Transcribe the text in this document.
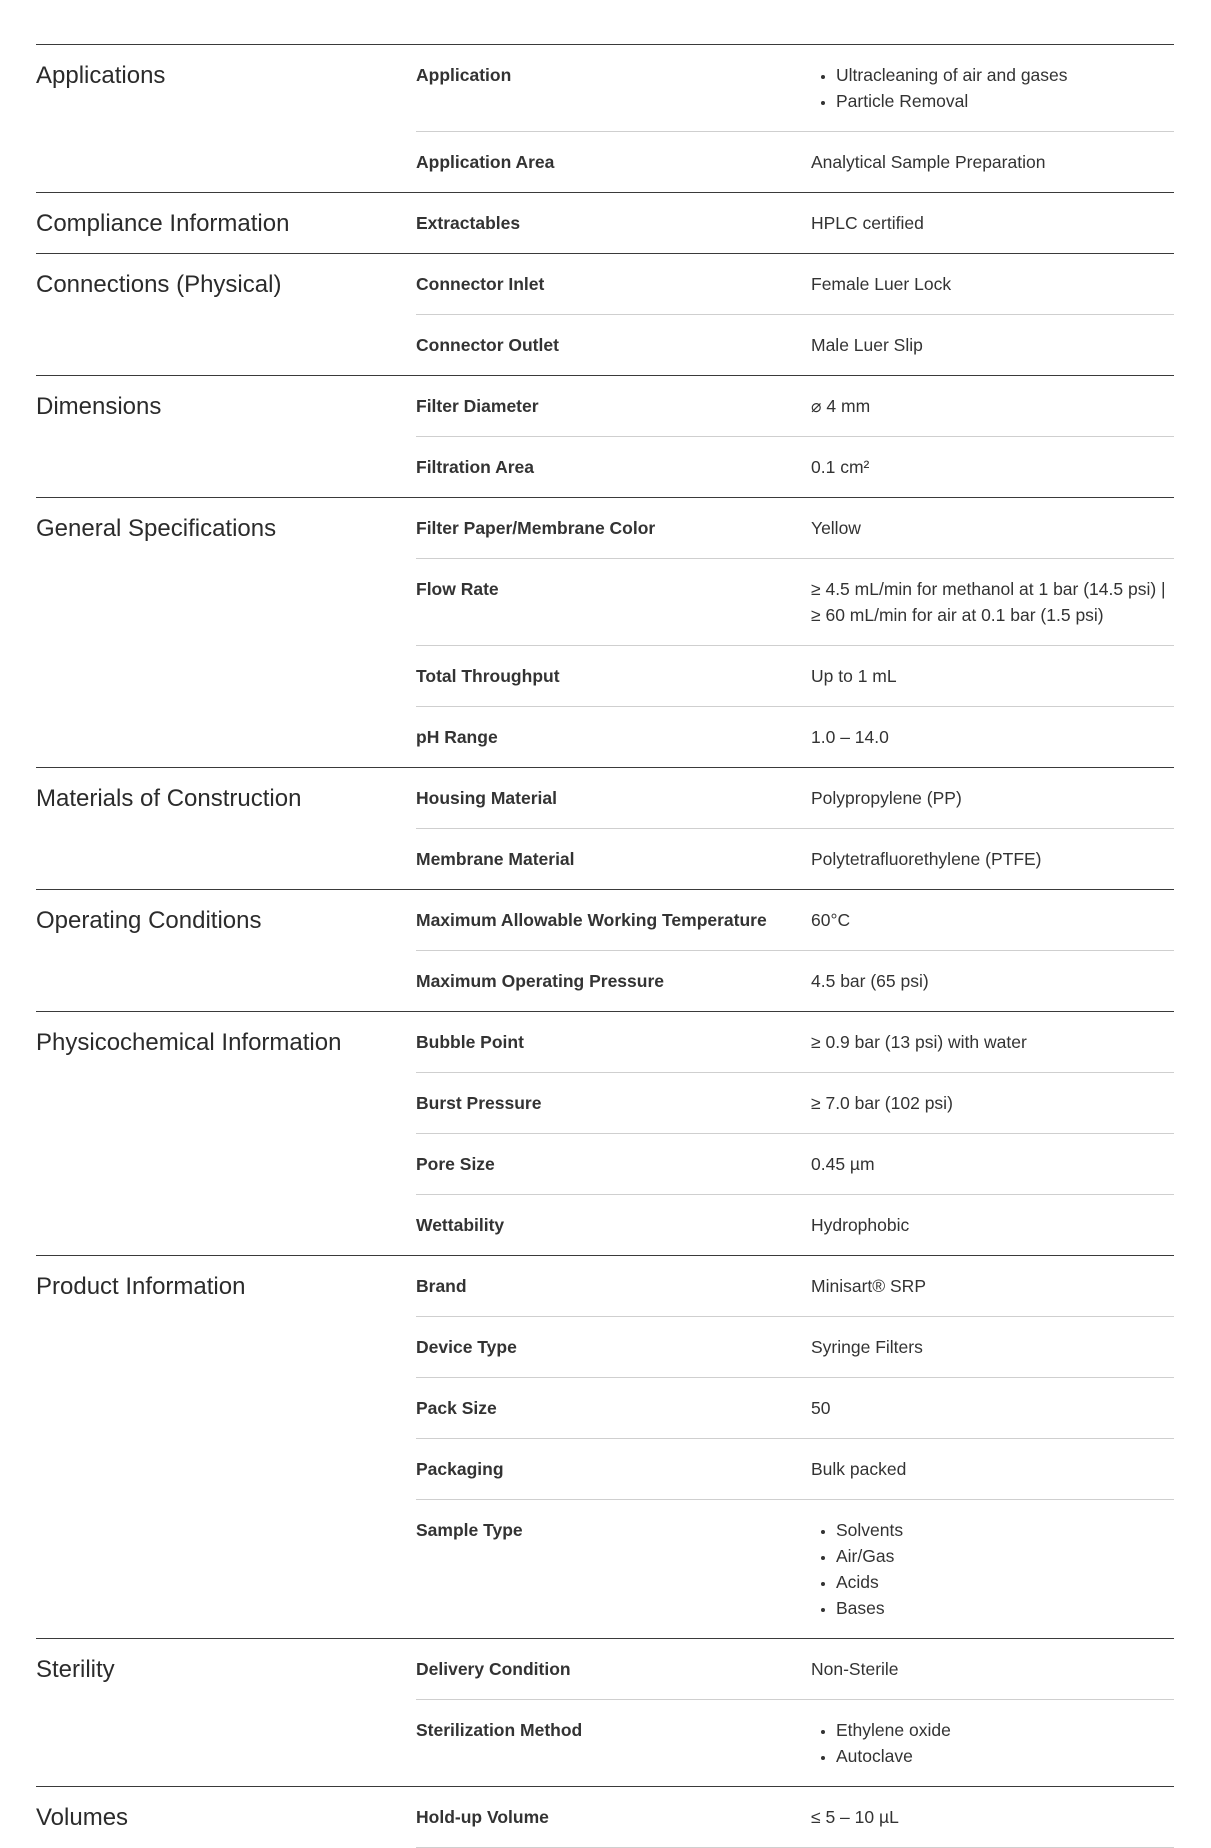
Applications	Application	• Ultracleaning of air and gases
• Particle Removal
Application Area	Analytical Sample Preparation
Compliance Information	Extractables	HPLC certified
Connections (Physical)	Connector Inlet	Female Luer Lock
Connector Outlet	Male Luer Slip
Dimensions	Filter Diameter	⌀ 4 mm
Filtration Area	0.1 cm²
General Specifications	Filter Paper/Membrane Color	Yellow
Flow Rate	≥ 4.5 mL/min for methanol at 1 bar (14.5 psi) |
≥ 60 mL/min for air at 0.1 bar (1.5 psi)
Total Throughput	Up to 1 mL
pH Range	1.0 – 14.0
Materials of Construction	Housing Material	Polypropylene (PP)
Membrane Material	Polytetrafluorethylene (PTFE)
Operating Conditions	Maximum Allowable Working Temperature	60°C
Maximum Operating Pressure	4.5 bar (65 psi)
Physicochemical Information	Bubble Point	≥ 0.9 bar (13 psi) with water
Burst Pressure	≥ 7.0 bar (102 psi)
Pore Size	0.45 µm
Wettability	Hydrophobic
Product Information	Brand	Minisart® SRP
Device Type	Syringe Filters
Pack Size	50
Packaging	Bulk packed
Sample Type	• Solvents
• Air/Gas
• Acids
• Bases
Sterility	Delivery Condition	Non-Sterile
Sterilization Method	• Ethylene oxide
• Autoclave
Volumes	Hold-up Volume	≤ 5 – 10 µL
